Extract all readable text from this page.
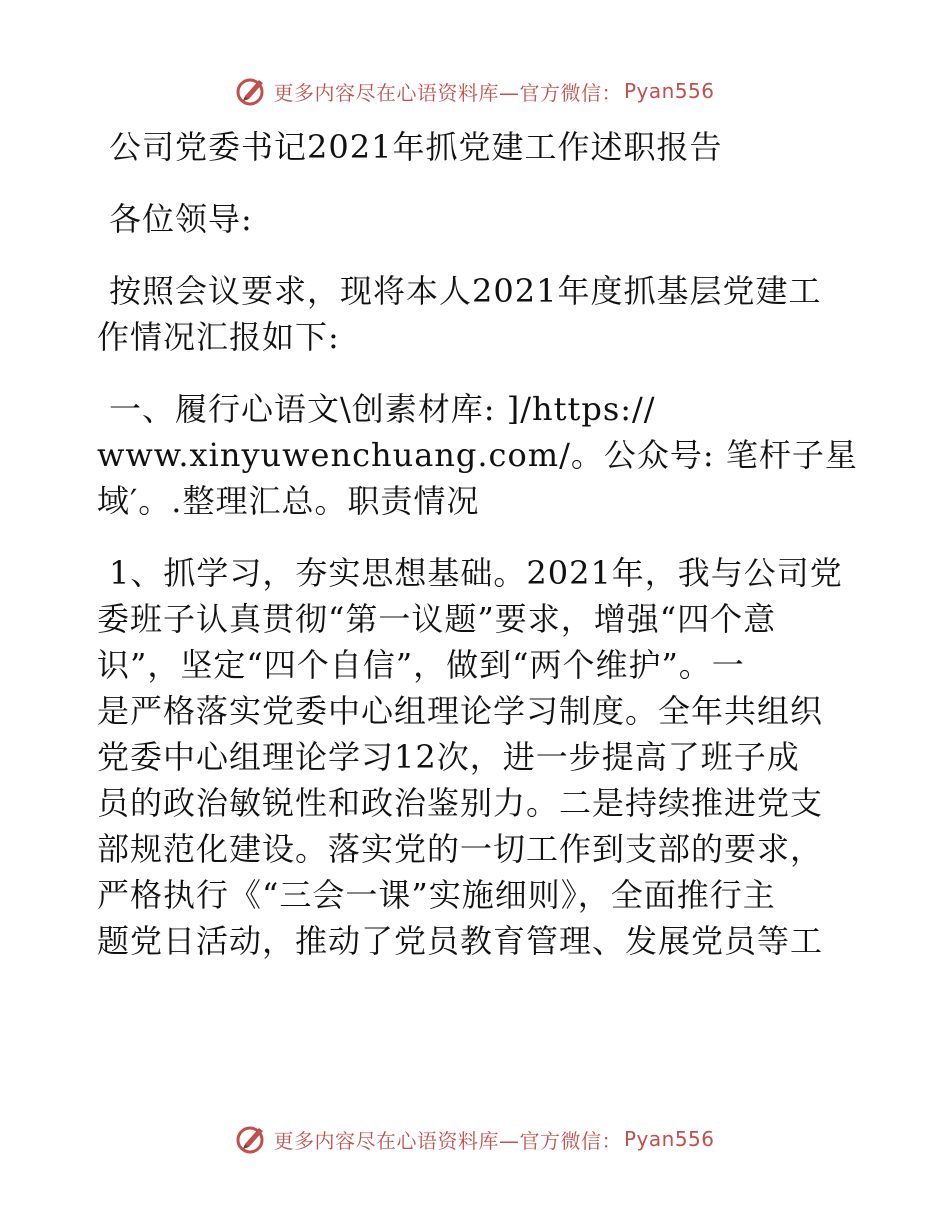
更多内容尽在心语资料库—官方微信： Pyan556
公司党委书记2021年抓党建工作述职报告
各位领导:
按照会议要求，现将本人2021年度抓基层党建工
作情况汇报如下:
一、履行心语文\创素材库: ]/https://
www.xinyuwenchuang.com/。公众号: 笔杆子星
域′。.整理汇总。职责情况
1、抓学习，夯实思想基础。2021年，我与公司党
委班子认真贯彻“第一议题”要求，增强“四个意
识”，坚定“四个自信”，做到“两个维护”。一
是严格落实党委中心组理论学习制度。全年共组织
党委中心组理论学习12次，进一步提高了班子成
员的政治敏锐性和政治鉴别力。二是持续推进党支
部规范化建设。落实党的一切工作到支部的要求，
严格执行《“三会一课”实施细则》，全面推行主
题党日活动，推动了党员教育管理、发展党员等工
更多内容尽在心语资料库—官方微信： Pyan556
